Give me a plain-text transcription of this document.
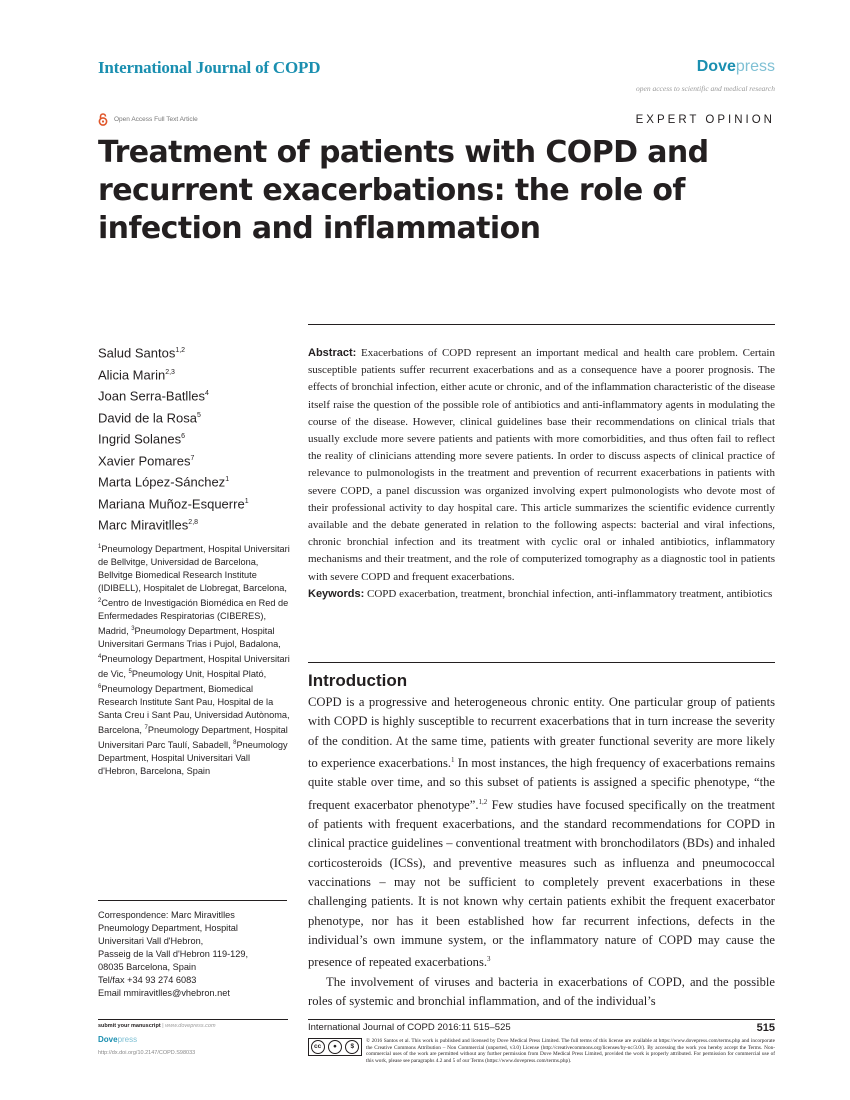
International Journal of COPD	Dovepress
open access to scientific and medical research
Open Access Full Text Article	EXPERT OPINION
Treatment of patients with COPD and recurrent exacerbations: the role of infection and inflammation
Salud Santos$^{1,2}$
Alicia Marin$^{2,3}$
Joan Serra-Batlles$^4$
David de la Rosa$^5$
Ingrid Solanes$^6$
Xavier Pomares$^7$
Marta López-Sánchez$^1$
Mariana Muñoz-Esquerre$^1$
Marc Miravitlles$^{2,8}$
$^1$Pneumology Department, Hospital Universitari de Bellvitge, Universidad de Barcelona, Bellvitge Biomedical Research Institute (IDIBELL), Hospitalet de Llobregat, Barcelona, $^2$Centro de Investigación Biomédica en Red de Enfermedades Respiratorias (CIBERES), Madrid, $^3$Pneumology Department, Hospital Universitari Germans Trias i Pujol, Badalona, $^4$Pneumology Department, Hospital Universitari de Vic, $^5$Pneumology Unit, Hospital Plató, $^6$Pneumology Department, Biomedical Research Institute Sant Pau, Hospital de la Santa Creu i Sant Pau, Universidad Autònoma, Barcelona, $^7$Pneumology Department, Hospital Universitari Parc Taulí, Sabadell, $^8$Pneumology Department, Hospital Universitari Vall d'Hebron, Barcelona, Spain
Correspondence: Marc Miravitlles
Pneumology Department, Hospital
Universitari Vall d'Hebron,
Passeig de la Vall d'Hebron 119-129,
08035 Barcelona, Spain
Tel/fax +34 93 274 6083
Email mmiravitlles@vhebron.net

Abstract: Exacerbations of COPD represent an important medical and health care problem. Certain susceptible patients suffer recurrent exacerbations and as a consequence have a poorer prognosis. The effects of bronchial infection, either acute or chronic, and of the inflammation characteristic of the disease itself raise the question of the possible role of antibiotics and anti-inflammatory agents in modulating the course of the disease. However, clinical guidelines base their recommendations on clinical trials that usually exclude more severe patients and patients with more comorbidities, and thus often fail to reflect the reality of clinicians attending more severe patients. In order to discuss aspects of clinical practice of relevance to pulmonologists in the treatment and prevention of recurrent exacerbations in patients with severe COPD, a panel discussion was organized involving expert pulmonologists who devote most of their professional activity to day hospital care. This article summarizes the scientific evidence currently available and the debate generated in relation to the following aspects: bacterial and viral infections, chronic bronchial infection and its treatment with cyclic oral or inhaled antibiotics, inflammatory mechanisms and their treatment, and the role of computerized tomography as a diagnostic tool in patients with severe COPD and frequent exacerbations.

Keywords: COPD exacerbation, treatment, bronchial infection, anti-inflammatory treatment, antibiotics

Introduction

COPD is a progressive and heterogeneous chronic entity. One particular group of patients with COPD is highly susceptible to recurrent exacerbations that in turn increase the severity of the condition. At the same time, patients with greater functional severity are more likely to experience exacerbations.$^1$ In most instances, the high frequency of exacerbations remains quite stable over time, and so this subset of patients is assigned a specific phenotype, “the frequent exacerbator phenotype”.$^{1,2}$ Few studies have focused specifically on the treatment of patients with frequent exacerbations, and the standard recommendations for COPD in clinical practice guidelines – conventional treatment with bronchodilators (BDs) and inhaled corticosteroids (ICSs), and preventive measures such as influenza and pneumococcal vaccinations – may not be sufficient to completely prevent exacerbations in these challenging patients. It is not known why certain patients exhibit the frequent exacerbator phenotype, nor has it been established how far recurrent infections, defects in the individual’s own immune system, or the inflammatory nature of COPD may cause the presence of repeated exacerbations.$^3$

The involvement of viruses and bacteria in exacerbations of COPD, and the possible roles of systemic and bronchial inflammation, and of the individual’s

submit your manuscript | www.dovepress.com
Dovepress
http://dx.doi.org/10.2147/COPD.S98033
International Journal of COPD 2016:11 515–525	515
cc	●	$

© 2016 Santos et al. This work is published and licensed by Dove Medical Press Limited. The full terms of this license are available at https://www.dovepress.com/terms.php and incorporate the Creative Commons Attribution – Non Commercial (unported, v3.0) License (http://creativecommons.org/licenses/by-nc/3.0/). By accessing the work you hereby accept the Terms. Non-commercial uses of the work are permitted without any further permission from Dove Medical Press Limited, provided the work is properly attributed. For permission for commercial use of this work, please see paragraphs 4.2 and 5 of our Terms (https://www.dovepress.com/terms.php).
